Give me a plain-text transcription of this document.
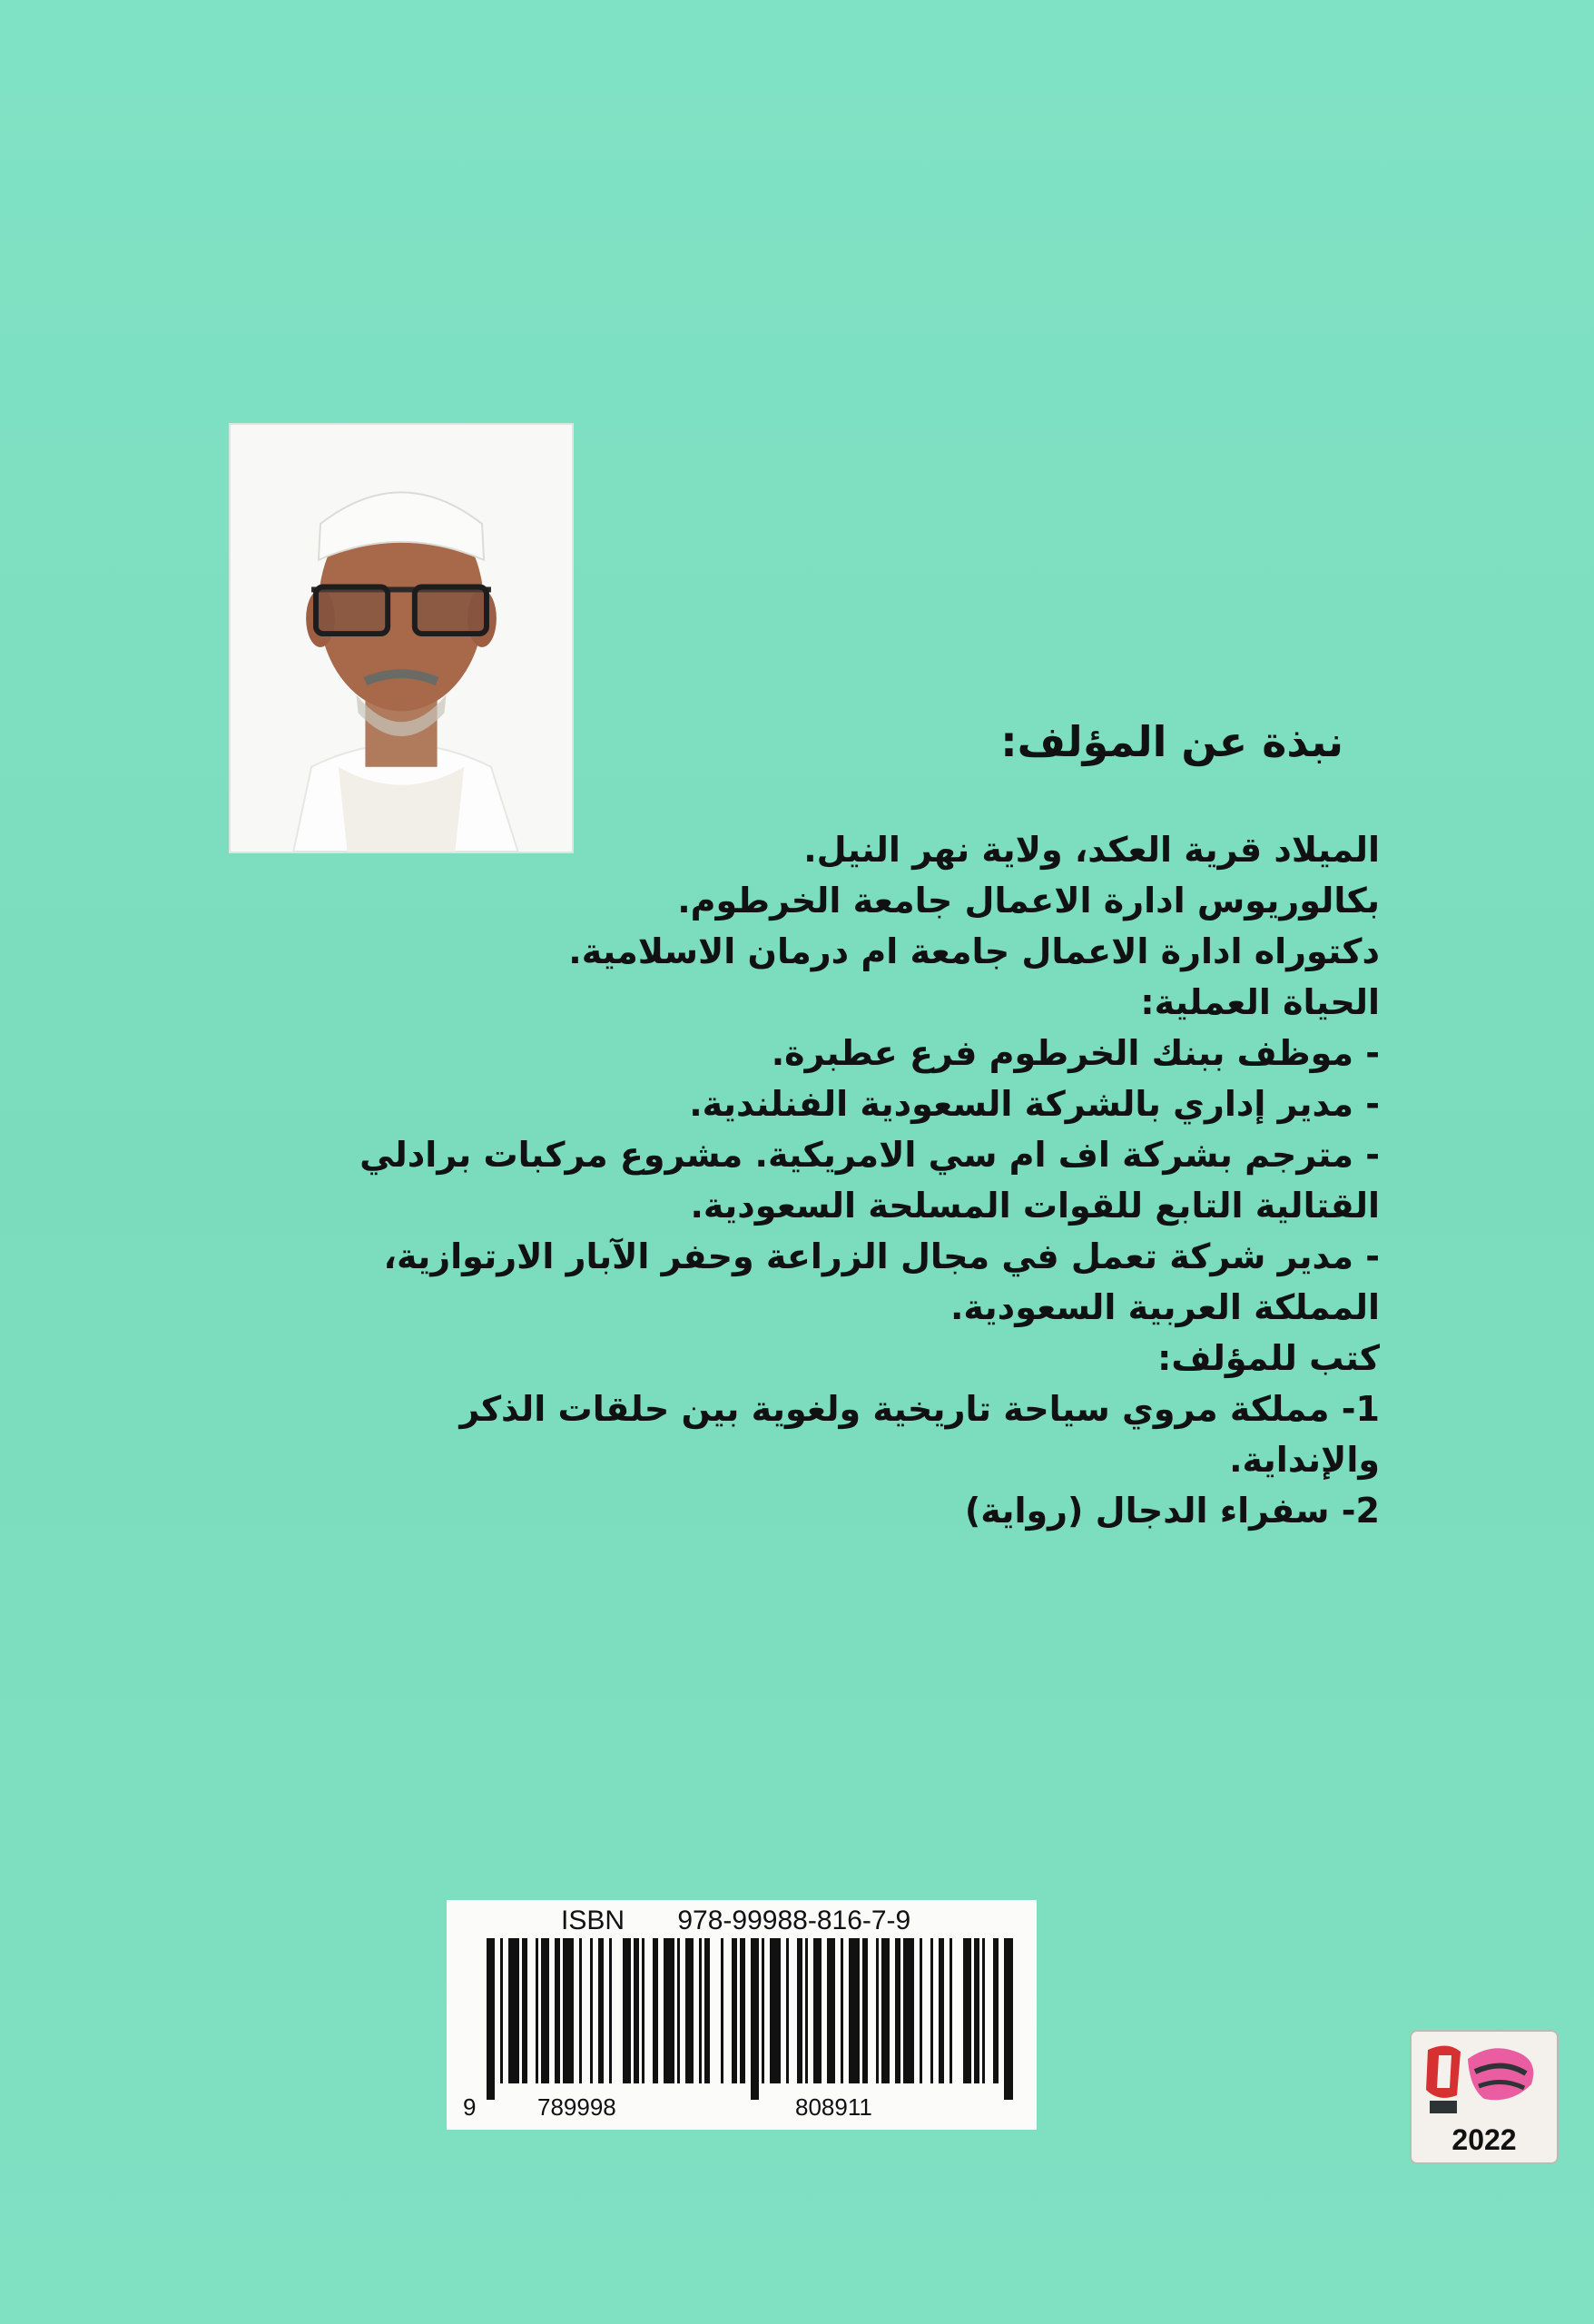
نبذة عن المؤلف:

الميلاد قرية العكد، ولاية نهر النيل.

بكالوريوس ادارة الاعمال جامعة الخرطوم.

دكتوراه ادارة الاعمال جامعة ام درمان الاسلامية.

الحياة العملية:

- موظف ببنك الخرطوم فرع عطبرة.

- مدير إداري بالشركة السعودية الفنلندية.

- مترجم بشركة اف ام سي الامريكية. مشروع مركبات برادلي

القتالية التابع للقوات المسلحة السعودية.

- مدير شركة تعمل في مجال الزراعة وحفر الآبار الارتوازية،

المملكة العربية السعودية.

كتب للمؤلف:

1- مملكة مروي سياحة تاريخية ولغوية بين حلقات الذكر

والإنداية.

2- سفراء الدجال (رواية)

ISBN 978-99988-816-7-9
9	789998	808911
2022
